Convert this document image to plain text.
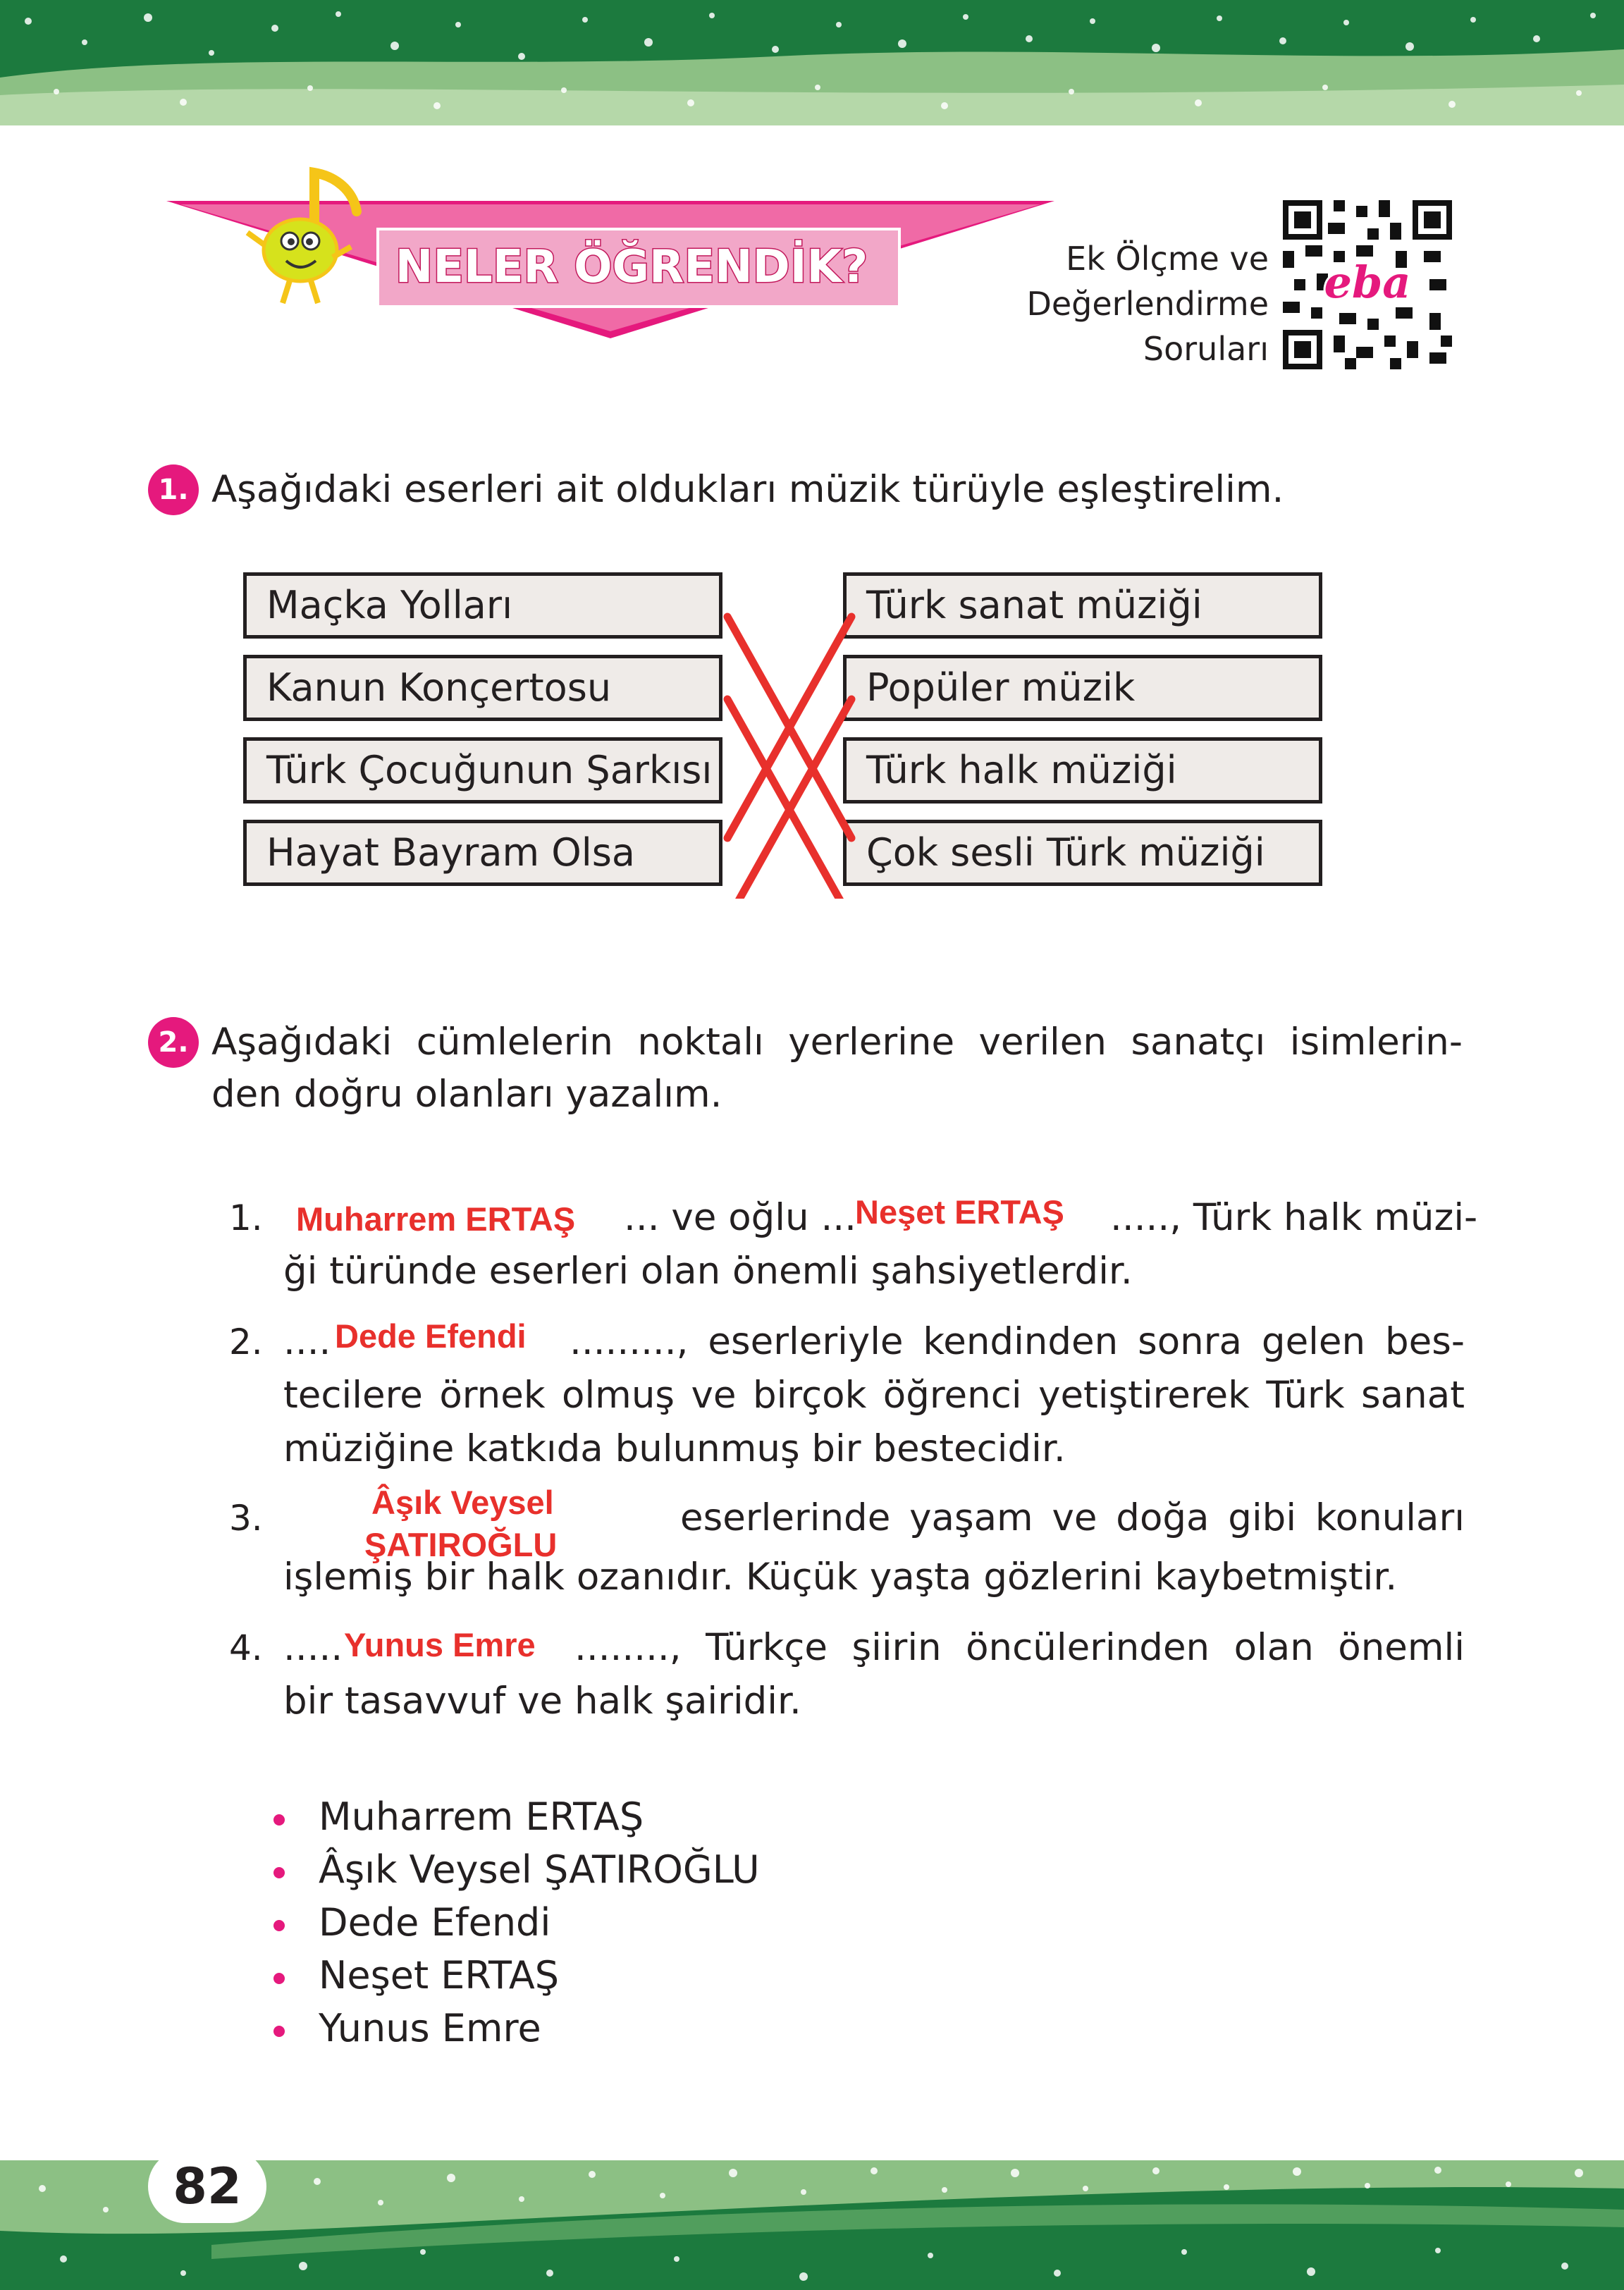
NELER ÖĞRENDİK?	Ek Ölçme ve
Değerlendirme
Soruları
eba
1. Aşağıdaki eserleri ait oldukları müzik türüyle eşleştirelim.
Maçka Yolları
Kanun Konçertosu
Türk Çocuğunun Şarkısı
Hayat Bayram Olsa
Türk sanat müziği
Popüler müzik
Türk halk müziği
Çok sesli Türk müziği
2. Aşağıdaki cümlelerin noktalı yerlerine verilen sanatçı isimlerin-
den doğru olanları yazalım.
1. Muharrem ERTAŞ ... ve oğlu ...
Neşet ERTAŞ ....., Türk halk müzi-
ği türünde eserleri olan önemli şahsiyetlerdir.
2. .... Dede Efendi ........., eserleriyle kendinden sonra gelen bes-
tecilere örnek olmuş ve birçok öğrenci yetiştirerek Türk sanat
müziğine katkıda bulunmuş bir bestecidir.
3.	Âşık Veysel
ŞATIROĞLU
eserlerinde yaşam ve doğa gibi konuları
işlemiş bir halk ozanıdır. Küçük yaşta gözlerini kaybetmiştir.
4. ..... Yunus Emre ........, Türkçe şiirin öncülerinden olan önemli
bir tasavvuf ve halk şairidir.
Muharrem ERTAŞ
Âşık Veysel ŞATIROĞLU
Dede Efendi
Neşet ERTAŞ
Yunus Emre
82
